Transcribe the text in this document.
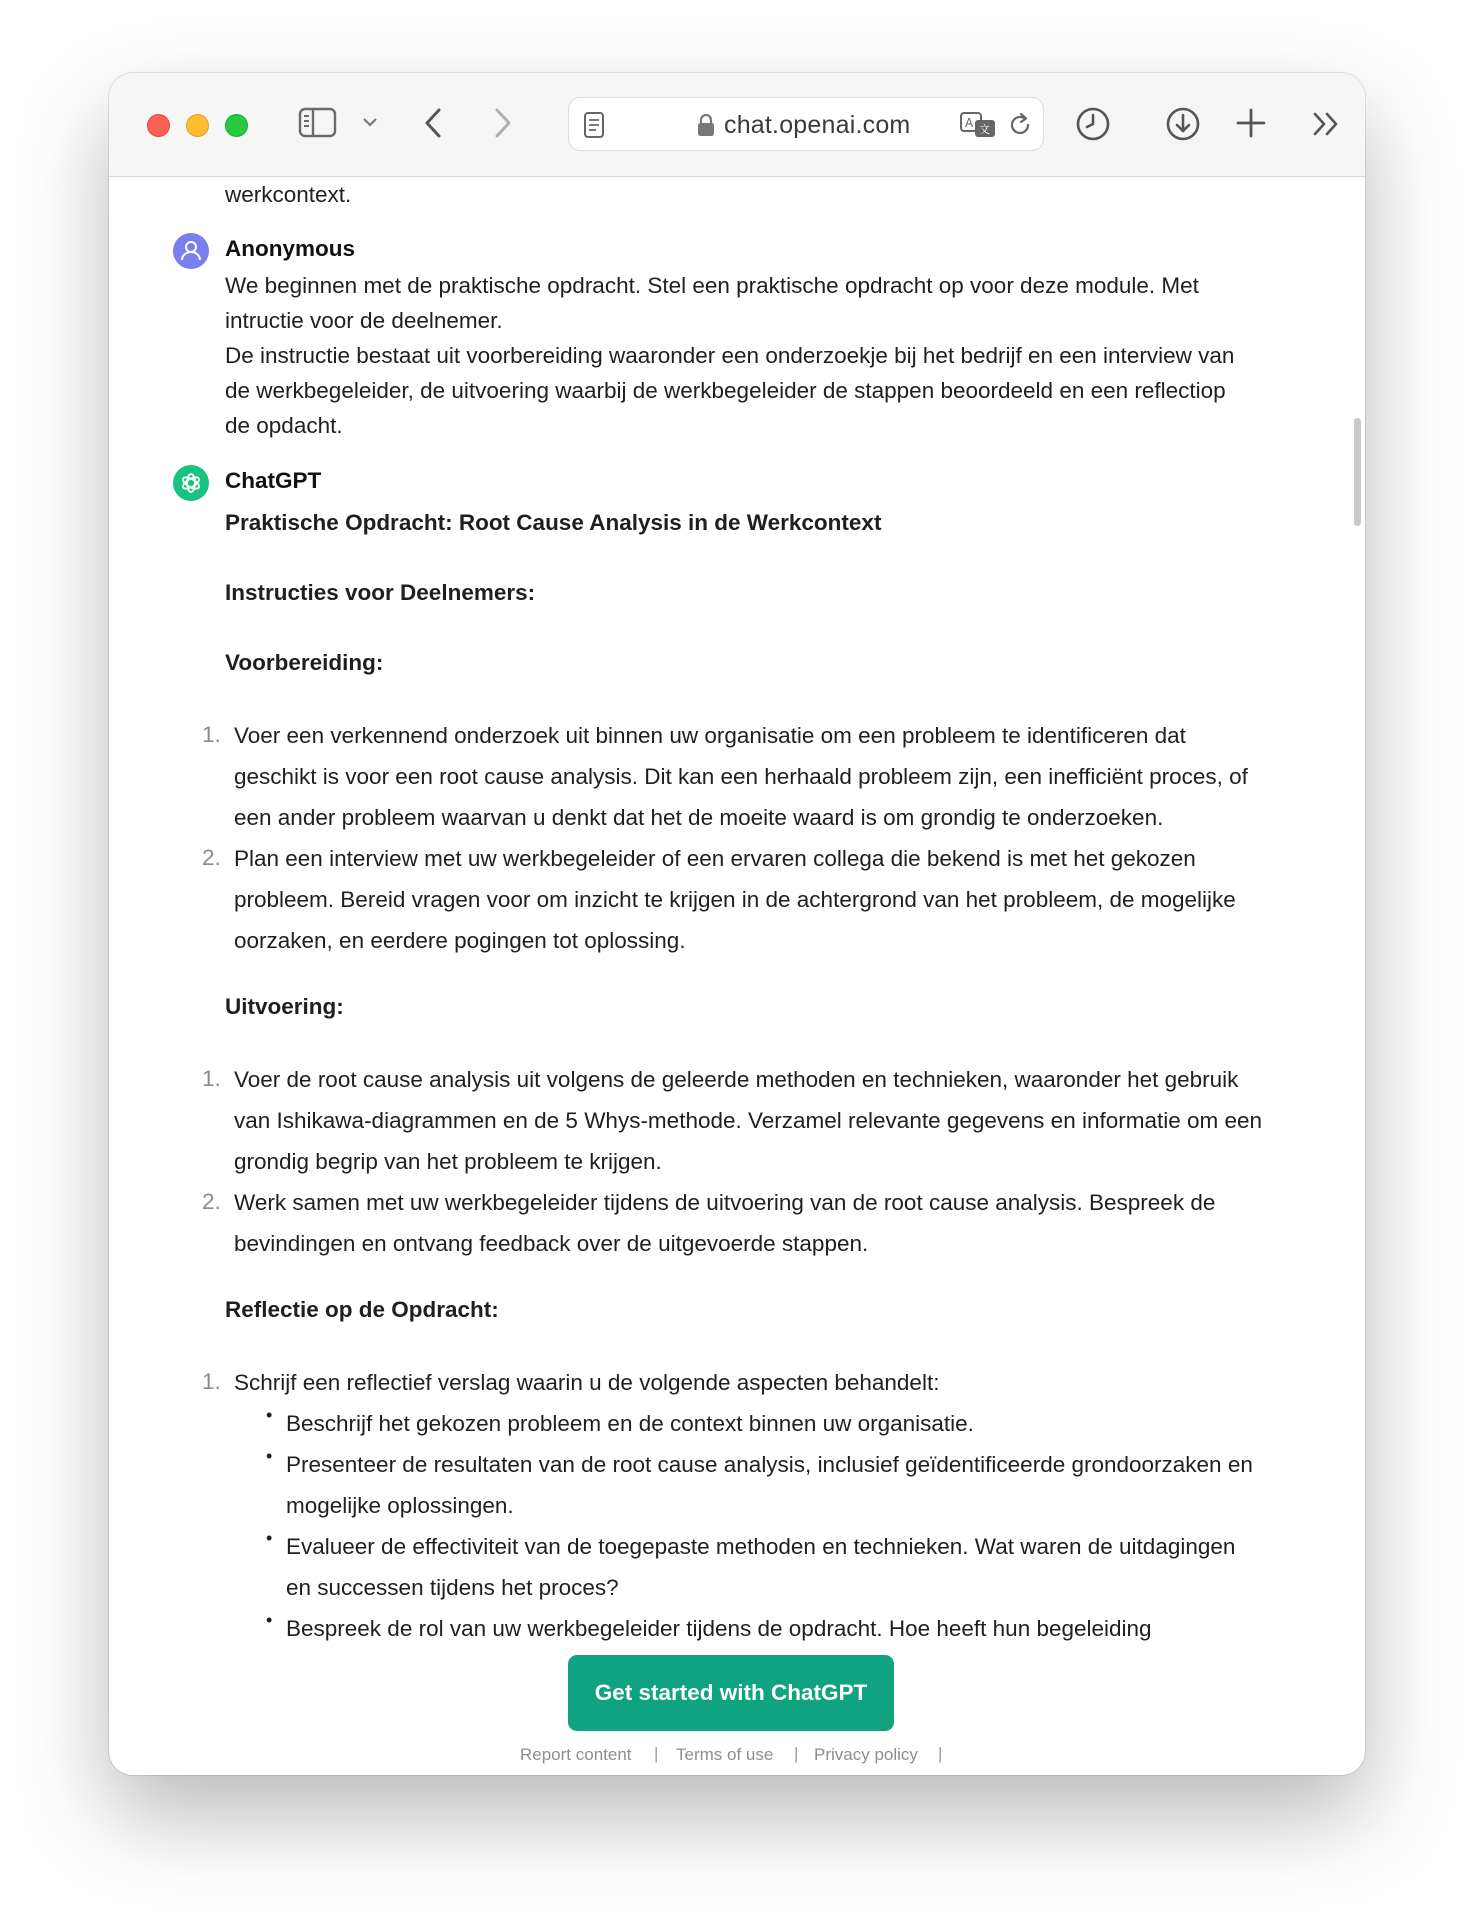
chat.openai.com	A 文
werkcontext.
Anonymous
We beginnen met de praktische opdracht. Stel een praktische opdracht op voor deze module. Met
intructie voor de deelnemer.
De instructie bestaat uit voorbereiding waaronder een onderzoekje bij het bedrijf en een interview van
de werkbegeleider, de uitvoering waarbij de werkbegeleider de stappen beoordeeld en een reflectiop
de opdacht.
ChatGPT
Praktische Opdracht: Root Cause Analysis in de Werkcontext
Instructies voor Deelnemers:
Voorbereiding:
1. Voer een verkennend onderzoek uit binnen uw organisatie om een probleem te identificeren dat
geschikt is voor een root cause analysis. Dit kan een herhaald probleem zijn, een inefficiënt proces, of
een ander probleem waarvan u denkt dat het de moeite waard is om grondig te onderzoeken.
2. Plan een interview met uw werkbegeleider of een ervaren collega die bekend is met het gekozen
probleem. Bereid vragen voor om inzicht te krijgen in de achtergrond van het probleem, de mogelijke
oorzaken, en eerdere pogingen tot oplossing.
Uitvoering:
1. Voer de root cause analysis uit volgens de geleerde methoden en technieken, waaronder het gebruik
van Ishikawa-diagrammen en de 5 Whys-methode. Verzamel relevante gegevens en informatie om een
grondig begrip van het probleem te krijgen.
2. Werk samen met uw werkbegeleider tijdens de uitvoering van de root cause analysis. Bespreek de
bevindingen en ontvang feedback over de uitgevoerde stappen.
Reflectie op de Opdracht:
1. Schrijf een reflectief verslag waarin u de volgende aspecten behandelt:
• Beschrijf het gekozen probleem en de context binnen uw organisatie.
• Presenteer de resultaten van de root cause analysis, inclusief geïdentificeerde grondoorzaken en
mogelijke oplossingen.
• Evalueer de effectiviteit van de toegepaste methoden en technieken. Wat waren de uitdagingen
en successen tijdens het proces?
• Bespreek de rol van uw werkbegeleider tijdens de opdracht. Hoe heeft hun begeleiding
Get started with ChatGPT
Report content | Terms of use | Privacy policy |
